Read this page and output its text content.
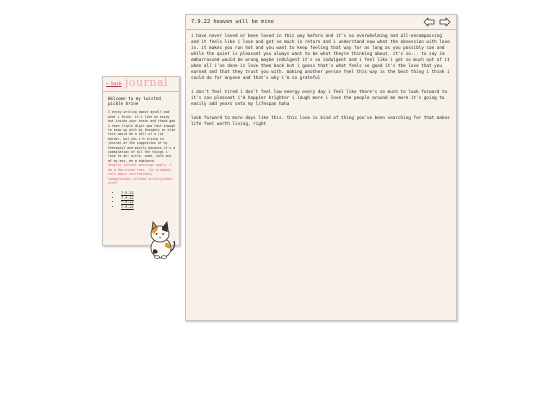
← back journal
Welcome to my twisted pickle brine
I enjoy writing about myself and what i think. it's like an essay but inside your brain and thank god i have triple digit wpm fast enough to keep up with my thoughts or else this would be a hell of a lot harder. but yes i'm trying to journal at the suggestion of my therapist and mostly because it's a combination of all the things i love to do: write, code, talk out of my ass, be a audience
General content warnings apply. i am a depressed teen. its probably talk about suicide/body image/weight-related anxiety/other stuff
• 7.9.22
• 7.9.22
• 7.9.22
• 7.9.22
7.9.22 heaven will be mine

i have never loved or been loved in this way before and it's so overwhelming and all-encompassing and it feels like i love and get so much in return and i understand now what the obsession with love is. it makes you run hot and you want to keep feeling that way for as long as you possibly can and while the quiet is pleasant you always want to be what theyre thinking about. it's so... to say im embarrassed would be wrong maybe indulgent it's so indulgent and i feel like i get so much out of it when all i've done is love them back but i guess that's what feels so good it's the love that you earned and that they trust you with. making another person feel this way is the best thing i think i could do for anyone and that's why i'm so grateful

i don't feel tired i don't feel low energy every day i feel like there's so much to look forward to it's soo pleasant i'm happier brighter i laugh more i love the people around me more it's going to easily add years onto my lifespan haha

look forward to more days like this. this love is kind of thing you've been searching for that makes life feel worth living, right
